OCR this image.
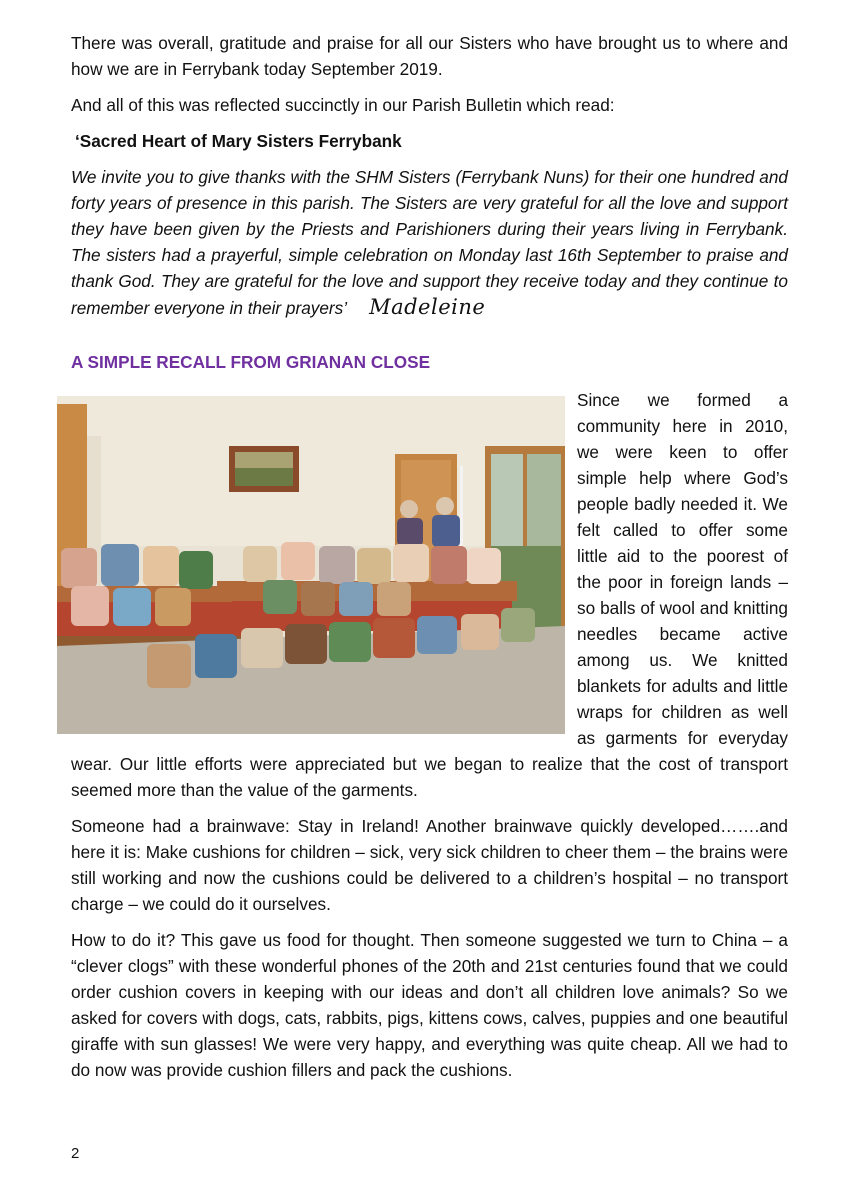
There was overall, gratitude and praise for all our Sisters who have brought us to where and how we are in Ferrybank today September 2019.

And all of this was reflected succinctly in our Parish Bulletin which read:

‘Sacred Heart of Mary Sisters Ferrybank

We invite you to give thanks with the SHM Sisters (Ferrybank Nuns) for their one hundred and forty years of presence in this parish. The Sisters are very grateful for all the love and support they have been given by the Priests and Parishioners during their years living in Ferrybank. The sisters had a prayerful, simple celebration on Monday last 16th September to praise and thank God. They are grateful for the love and support they receive today and they continue to remember everyone in their prayers’ Madeleine

A SIMPLE RECALL FROM GRIANAN CLOSE

Since we formed a community here in 2010, we were keen to offer simple help where God’s people badly needed it. We felt called to offer some little aid to the poorest of the poor in foreign lands – so balls of wool and knitting needles became active among us. We knitted blankets for adults and little wraps for children as well as garments for everyday wear. Our little efforts were appreciated but we began to realize that the cost of transport seemed more than the value of the garments.

Someone had a brainwave: Stay in Ireland! Another brainwave quickly developed…….and here it is: Make cushions for children – sick, very sick children to cheer them – the brains were still working and now the cushions could be delivered to a children’s hospital – no transport charge – we could do it ourselves.

How to do it? This gave us food for thought. Then someone suggested we turn to China – a “clever clogs” with these wonderful phones of the 20th and 21st centuries found that we could order cushion covers in keeping with our ideas and don’t all children love animals? So we asked for covers with dogs, cats, rabbits, pigs, kittens cows, calves, puppies and one beautiful giraffe with sun glasses! We were very happy, and everything was quite cheap. All we had to do now was provide cushion fillers and pack the cushions.

2
